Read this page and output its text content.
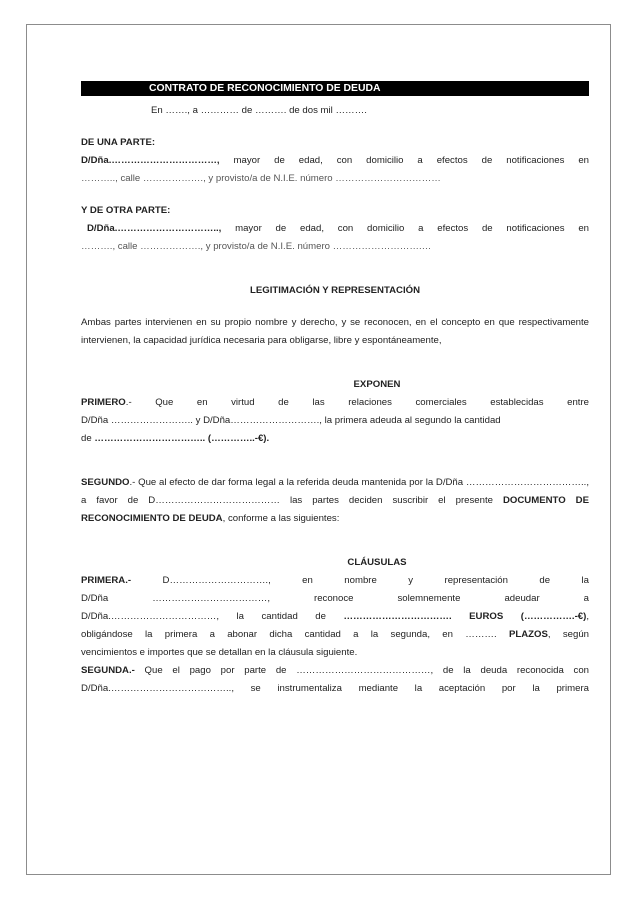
CONTRATO DE RECONOCIMIENTO DE DEUDA

En ……., a ………… de ………. de dos mil ……….

DE UNA PARTE:

D/Dña.……………………………, mayor de edad, con domicilio a efectos de notificaciones en

……….., calle ………………., y provisto/a de N.I.E. número ……………………………

Y DE OTRA PARTE:

D/Dña.………………………….., mayor de edad, con domicilio a efectos de notificaciones en

………., calle ………………., y provisto/a de N.I.E. número ……………………….…

LEGITIMACIÓN Y REPRESENTACIÓN

Ambas partes intervienen en su propio nombre y derecho, y se reconocen, en el concepto en que respectivamente intervienen, la capacidad jurídica necesaria para obligarse, libre y espontáneamente,

EXPONEN

PRIMERO.- Que en virtud de las relaciones comerciales establecidas entre

D/Dña …………………….. y D/Dña………………………., la primera adeuda al segundo la cantidad

de …………………………….. (…………..-€).

SEGUNDO.- Que al efecto de dar forma legal a la referida deuda mantenida por la D/Dña ……………………………….., a favor de D………………………………… las partes deciden suscribir el presente DOCUMENTO DE RECONOCIMIENTO DE DEUDA, conforme a las siguientes:

CLÁUSULAS

PRIMERA.- D…………………………., en nombre y representación de la

D/Dña ………………………………, reconoce solemnemente adeudar a

D/Dña.……………………………, la cantidad de ……………………………. EUROS (…………….-€),

obligándose la primera a abonar dicha cantidad a la segunda, en ………. PLAZOS, según

vencimientos e importes que se detallan en la cláusula siguiente.

SEGUNDA.- Que el pago por parte de ……………………………………, de la deuda reconocida con

D/Dña.……………………………….., se instrumentaliza mediante la aceptación por la primera
